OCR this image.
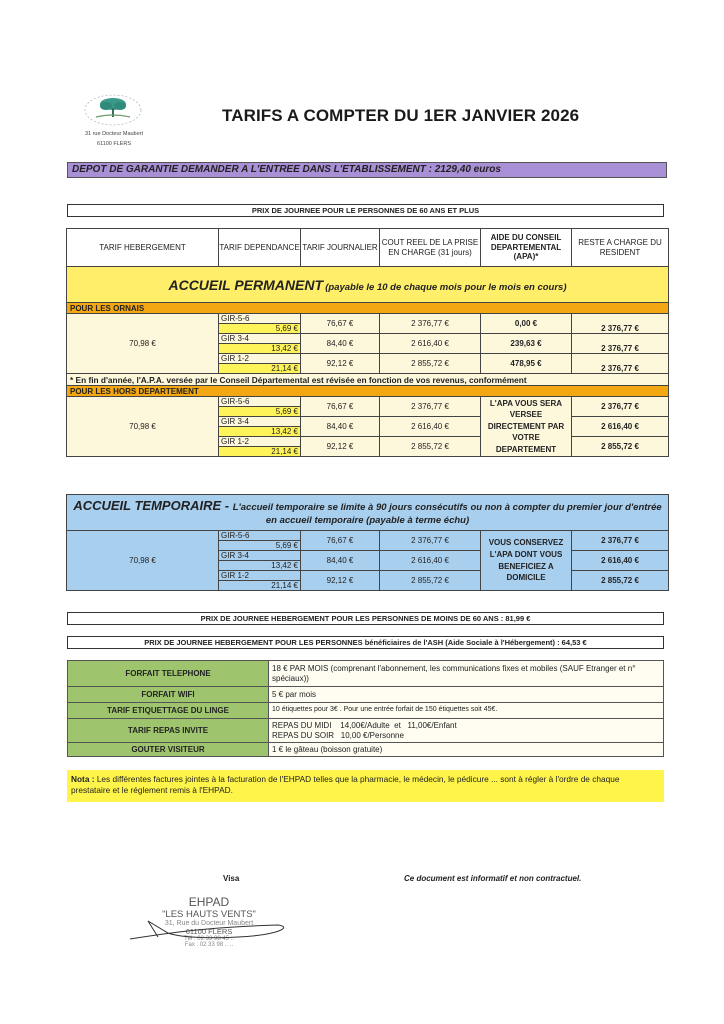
31 rue Docteur Maubert
61100 FLERS
TARIFS A COMPTER DU 1ER JANVIER 2026
DEPOT DE GARANTIE DEMANDER A L'ENTREE DANS L'ETABLISSEMENT : 2129,40 euros
PRIX DE JOURNEE POUR LE PERSONNES DE 60 ANS ET PLUS
TARIF HEBERGEMENT	TARIF DEPENDANCE	TARIF JOURNALIER	COUT REEL DE LA PRISE EN CHARGE (31 jours)	AIDE DU CONSEIL DEPARTEMENTAL (APA)*	RESTE A CHARGE DU RESIDENT
ACCUEIL PERMANENT (payable le 10 de chaque mois pour le mois en cours)					
POUR LES ORNAIS					
70,98 €	GIR-5-6	76,67 €	2 376,77 €	0,00 €	2 376,77 €
	5,69 €				
	GIR 3-4	84,40 €	2 616,40 €	239,63 €	2 376,77 €
	13,42 €				
	GIR 1-2	92,12 €	2 855,72 €	478,95 €	2 376,77 €
	21,14 €				
* En fin d'année, l'A.P.A. versée par le Conseil Départemental est révisée en fonction de vos revenus, conformément					
POUR LES HORS DEPARTEMENT					
70,98 €	GIR-5-6	76,67 €	2 376,77 €	L'APA VOUS SERA VERSEE DIRECTEMENT PAR VOTRE DEPARTEMENT	2 376,77 €
	5,69 €				
	GIR 3-4	84,40 €	2 616,40 €		2 616,40 €
	13,42 €				
	GIR 1-2	92,12 €	2 855,72 €		2 855,72 €
	21,14 €				
ACCUEIL TEMPORAIRE - L'accueil temporaire se limite à 90 jours consécutifs ou non à compter du premier jour d'entrée en accueil temporaire (payable à terme échu)					
70,98 €	GIR-5-6	76,67 €	2 376,77 €	VOUS CONSERVEZ L'APA DONT VOUS BENEFICIEZ A DOMICILE	2 376,77 €
	5,69 €				
	GIR 3-4	84,40 €	2 616,40 €		2 616,40 €
	13,42 €				
	GIR 1-2	92,12 €	2 855,72 €		2 855,72 €
	21,14 €				
PRIX DE JOURNEE HEBERGEMENT POUR LES PERSONNES DE MOINS DE 60 ANS : 81,99 €
PRIX DE JOURNEE HEBERGEMENT POUR LES PERSONNES bénéficiaires de l'ASH (Aide Sociale à l'Hébergement) : 64,53 €
FORFAIT TELEPHONE	18 € PAR MOIS (comprenant l'abonnement, les communications fixes et mobiles (SAUF Etranger et n° spéciaux))
FORFAIT WIFI	5 € par mois
TARIF ETIQUETTAGE DU LINGE	10 étiquettes pour 3€ . Pour une entrée forfait de 150 étiquettes soit 45€.
TARIF REPAS INVITE	REPAS DU MIDI    14,00€/Adulte  et   11,00€/Enfant
REPAS DU SOIR   10,00 €/Personne

GOUTER VISITEUR	1 € le gâteau (boisson gratuite)
Nota : Les différentes factures jointes à la facturation de l'EHPAD telles que la pharmacie, le médecin, le pédicure ... sont à régler à l'ordre de chaque prestataire et le réglement remis à l'EHPAD.
Visa	Ce document est informatif et non contractuel.
EHPAD
"LES HAUTS VENTS"
31, Rue du Docteur Maubert
61100 FLERS
Tél : 02 33 98 45 ..
Fax : 02 33 98 .. ..
